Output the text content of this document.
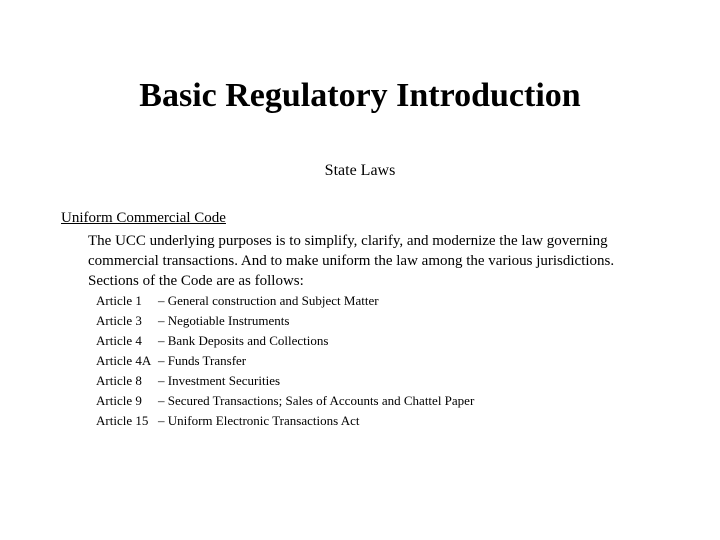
Basic Regulatory Introduction
State Laws
Uniform Commercial Code

The UCC underlying purposes is to simplify, clarify, and modernize the law governing commercial transactions. And to make uniform the law among the various jurisdictions. Sections of the Code are as follows:

Article 1	– General construction and Subject Matter
Article 3	– Negotiable Instruments
Article 4	– Bank Deposits and Collections
Article 4A – Funds Transfer
Article 8	– Investment Securities
Article 9	– Secured Transactions; Sales of Accounts and Chattel Paper
Article 15 – Uniform Electronic Transactions Act
